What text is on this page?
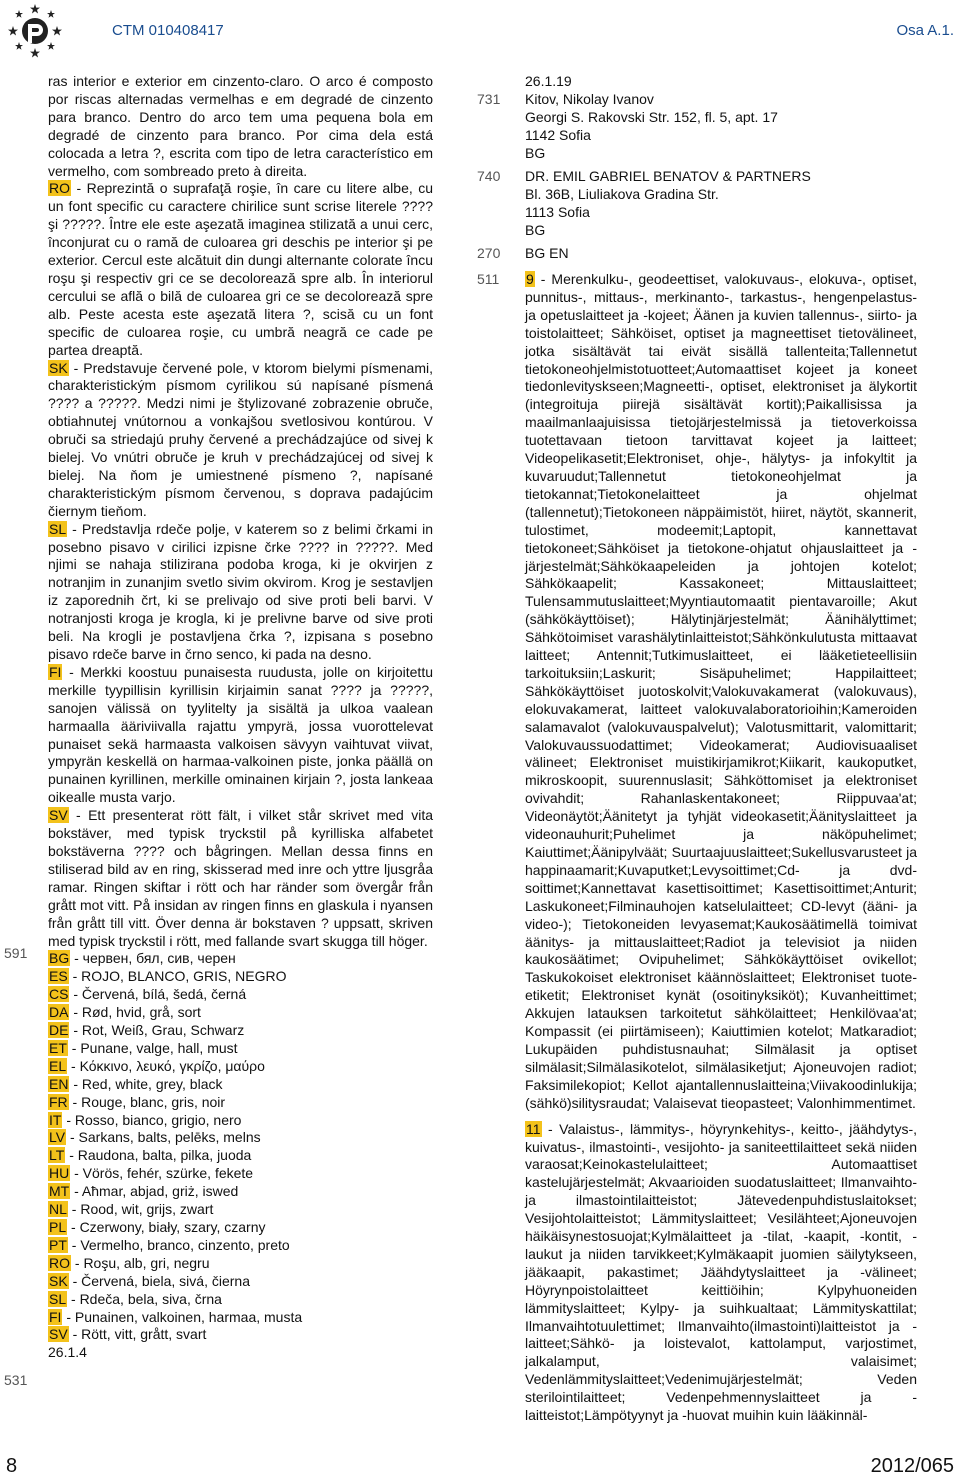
CTM 010408417	Osa A.1.

ras interior e exterior em cinzento-claro. O arco é composto por riscas alternadas vermelhas e em degradé de cinzento para branco. Dentro do arco tem uma pequena bola em degradé de cinzento para branco. Por cima dela está colocada a letra ?, escrita com tipo de letra característico em vermelho, com sombreado preto à direita.

RO - Reprezintă o suprafaţă roşie, în care cu litere albe, cu un font specific cu caractere chirilice sunt scrise literele ???? şi ?????. Între ele este aşezată imaginea stilizată a unui cerc, înconjurat cu o ramă de culoarea gri deschis pe interior şi pe exterior. Cercul este alcătuit din dungi alternante colorate încu roşu şi respectiv gri ce se decolorează spre alb. În interiorul cercului se află o bilă de culoarea gri ce se decolorează spre alb. Peste acesta este aşezată litera ?, scisă cu un font specific de culoarea roşie, cu umbră neagră ce cade pe partea dreaptă.

SK - Predstavuje červené pole, v ktorom bielymi písmenami, charakteristickým písmom cyrilikou sú napísané písmená ???? a ?????. Medzi nimi je štylizované zobrazenie obruče, obtiahnutej vnútornou a vonkajšou svetlosivou kontúrou. V obruči sa striedajú pruhy červené a prechádzajúce od sivej k bielej. Vo vnútri obruče je kruh v prechádzajúcej od sivej k bielej. Na ňom je umiestnené písmeno ?, napísané charakteristickým písmom červenou, s doprava padajúcim čiernym tieňom.

SL - Predstavlja rdeče polje, v katerem so z belimi črkami in posebno pisavo v cirilici izpisne črke ???? in ?????. Med njimi se nahaja stilizirana podoba kroga, ki je okvirjen z notranjim in zunanjim svetlo sivim okvirom. Krog je sestavljen iz zaporednih črt, ki se prelivajo od sive proti beli barvi. V notranjosti kroga je krogla, ki je prelivne barve od sive proti beli. Na krogli je postavljena črka ?, izpisana s posebno pisavo rdeče barve in črno senco, ki pada na desno.

FI - Merkki koostuu punaisesta ruudusta, jolle on kirjoitettu merkille tyypillisin kyrillisin kirjaimin sanat ???? ja ?????, sanojen välissä on tyylitelty ja sisältä ja ulkoa vaalean harmaalla ääriviivalla rajattu ympyrä, jossa vuorottelevat punaiset sekä harmaasta valkoisen sävyyn vaihtuvat viivat, ympyrän keskellä on harmaa-valkoinen piste, jonka päällä on punainen kyrillinen, merkille ominainen kirjain ?, josta lankeaa oikealle musta varjo.

SV - Ett presenterat rött fält, i vilket står skrivet med vita bokstäver, med typisk tryckstil på kyrilliska alfabetet bokstäverna ???? och bågringen. Mellan dessa finns en stiliserad bild av en ring, skisserad med inre och yttre ljusgråa ramar. Ringen skiftar i rött och har ränder som övergår från grått mot vitt. På insidan av ringen finns en glaskula i nyansen från grått till vitt. Över denna är bokstaven ? uppsatt, skriven med typisk tryckstil i rött, med fallande svart skugga till höger.

BG - червен, бял, сив, черен
ES - ROJO, BLANCO, GRIS, NEGRO
CS - Červená, bílá, šedá, černá
DA - Rød, hvid, grå, sort
DE - Rot, Weiß, Grau, Schwarz
ET - Punane, valge, hall, must
EL - Κόκκινο, λευκό, γκρίζο, μαύρο
EN - Red, white, grey, black
FR - Rouge, blanc, gris, noir
IT - Rosso, bianco, grigio, nero
LV - Sarkans, balts, pelēks, melns
LT - Raudona, balta, pilka, juoda
HU - Vörös, fehér, szürke, fekete
MT - Aħmar, abjad, griż, iswed
NL - Rood, wit, grijs, zwart
PL - Czerwony, biały, szary, czarny
PT - Vermelho, branco, cinzento, preto
RO - Roşu, alb, gri, negru
SK - Červená, biela, sivá, čierna
SL - Rdeča, bela, siva, črna
FI - Punainen, valkoinen, harmaa, musta
SV - Rött, vitt, grått, svart
26.1.4
591
531
26.1.19
731	Kitov, Nikolay Ivanov
Georgi S. Rakovski Str. 152, fl. 5, apt. 17
1142 Sofia
BG
740	DR. EMIL GABRIEL BENATOV & PARTNERS
Bl. 36B, Liuliakova Gradina Str.
1113 Sofia
BG
270	BG EN
511	9 - Merenkulku-, geodeettiset, valokuvaus-, elokuva-, optiset, punnitus-, mittaus-, merkinanto-, tarkastus-, hengenpelastus- ja opetuslaitteet ja -kojeet; Äänen ja kuvien tallennus-, siirto- ja toistolaitteet; Sähköiset, optiset ja magneettiset tietovälineet, jotka sisältävät tai eivät sisällä tallenteita;Tallennetut tietokoneohjelmistotuotteet;Automaattiset kojeet ja koneet tiedonlevityskseen;Magneetti-, optiset, elektroniset ja älykortit (integroituja piirejä sisältävät kortit);Paikallisissa ja maailmanlaajuisissa tietojärjestelmissä ja tietoverkoissa tuotettavaan tietoon tarvittavat kojeet ja laitteet; Videopelikasetit;Elektroniset, ohje-, hälytys- ja infokyltit ja kuvaruudut;Tallennetut tietokoneohjelmat ja tietokannat;Tietokonelaitteet ja ohjelmat (tallennetut);Tietokoneen näppäimistöt, hiiret, näytöt, skannerit, tulostimet, modeemit;Laptopit, kannettavat tietokoneet;Sähköiset ja tietokone-ohjatut ohjauslaitteet ja -järjestelmät;Sähkökaapeleiden ja johtojen kotelot; Sähkökaapelit; Kassakoneet; Mittauslaitteet; Tulensammutuslaitteet;Myyntiautomaatit pientavaroille; Akut (sähkökäyttöiset); Hälytinjärjestelmät; Äänihälyttimet; Sähkötoimiset varashälytinlaitteistot;Sähkönkulutusta mittaavat laitteet; Antennit;Tutkimuslaitteet, ei lääketieteellisiin tarkoituksiin;Laskurit; Sisäpuhelimet; Happilaitteet; Sähkökäyttöiset juotoskolvit;Valokuvakamerat (valokuvaus), elokuvakamerat, laitteet valokuvalaboratorioihin;Kameroiden salamavalot (valokuvauspalvelut); Valotusmittarit, valomittarit; Valokuvaussuodattimet; Videokamerat; Audiovisuaaliset välineet; Elektroniset muistikirjamikrot;Kiikarit, kaukoputket, mikroskoopit, suurennuslasit; Sähköttomiset ja elektroniset ovivahdit; Rahanlaskentakoneet; Riippuvaa'at; Videonäytöt;Äänitetyt ja tyhjät videokasetit;Äänityslaitteet ja videonauhurit;Puhelimet ja näköpuhelimet; Kaiuttimet;Äänipylväät; Suurtaajuuslaitteet;Sukellusvarusteet ja happinaamarit;Kuvaputket;Levysoittimet;Cd- ja dvd-soittimet;Kannettavat kasettisoittimet; Kasettisoittimet;Anturit; Laskukoneet;Filminauhojen katselulaitteet; CD-levyt (ääni- ja video-); Tietokoneiden levyasemat;Kaukosäätimellä toimivat äänitys- ja mittauslaitteet;Radiot ja televisiot ja niiden kaukosäätimet; Ovipuhelimet; Sähkökäyttöiset ovikellot; Taskukokoiset elektroniset käännöslaitteet; Elektroniset tuote-etiketit; Elektroniset kynät (osoitinyksiköt); Kuvanheittimet; Akkujen latauksen tarkoitetut sähkölaitteet; Henkilövaa'at; Kompassit (ei piirtämiseen); Kaiuttimien kotelot; Matkaradiot; Lukupäiden puhdistusnauhat; Silmälasit ja optiset silmälasit;Silmälasikotelot, silmälasiketjut; Ajoneuvojen radiot; Faksimilekopiot; Kellot ajantallennuslaitteina;Viivakoodinlukija; (sähkö)silitysraudat; Valaisevat tieopasteet; Valonhimmentimet.

11 - Valaistus-, lämmitys-, höyrynkehitys-, keitto-, jäähdytys-, kuivatus-, ilmastointi-, vesijohto- ja saniteettilaitteet sekä niiden varaosat;Keinokastelulaitteet; Automaattiset kastelujärjestelmät; Akvaarioiden suodatuslaitteet; Ilmanvaihto- ja ilmastointilaitteistot; Jätevedenpuhdistuslaitokset; Vesijohtolaitteistot; Lämmityslaitteet; Vesilähteet;Ajoneuvojen häikäisynestosuojat;Kylmälaitteet ja -tilat, -kaapit, -kontit, -laukut ja niiden tarvikkeet;Kylmäkaapit juomien säilytykseen, jääkaapit, pakastimet; Jäähdytyslaitteet ja -välineet; Höyrynpoistolaitteet keittiöihin; Kylpyhuoneiden lämmityslaitteet; Kylpy- ja suihkualtaat; Lämmityskattilat; Ilmanvaihtotuulettimet; Ilmanvaihto(ilmastointi)laitteistot ja -laitteet;Sähkö- ja loistevalot, kattolamput, varjostimet, jalkalamput, valaisimet; Vedenlämmityslaitteet;Vedenimujärjestelmät; Veden sterilointilaitteet; Vedenpehmennyslaitteet ja -laitteistot;Lämpötyynyt ja -huovat muihin kuin lääkinnäl-

8	2012/065
